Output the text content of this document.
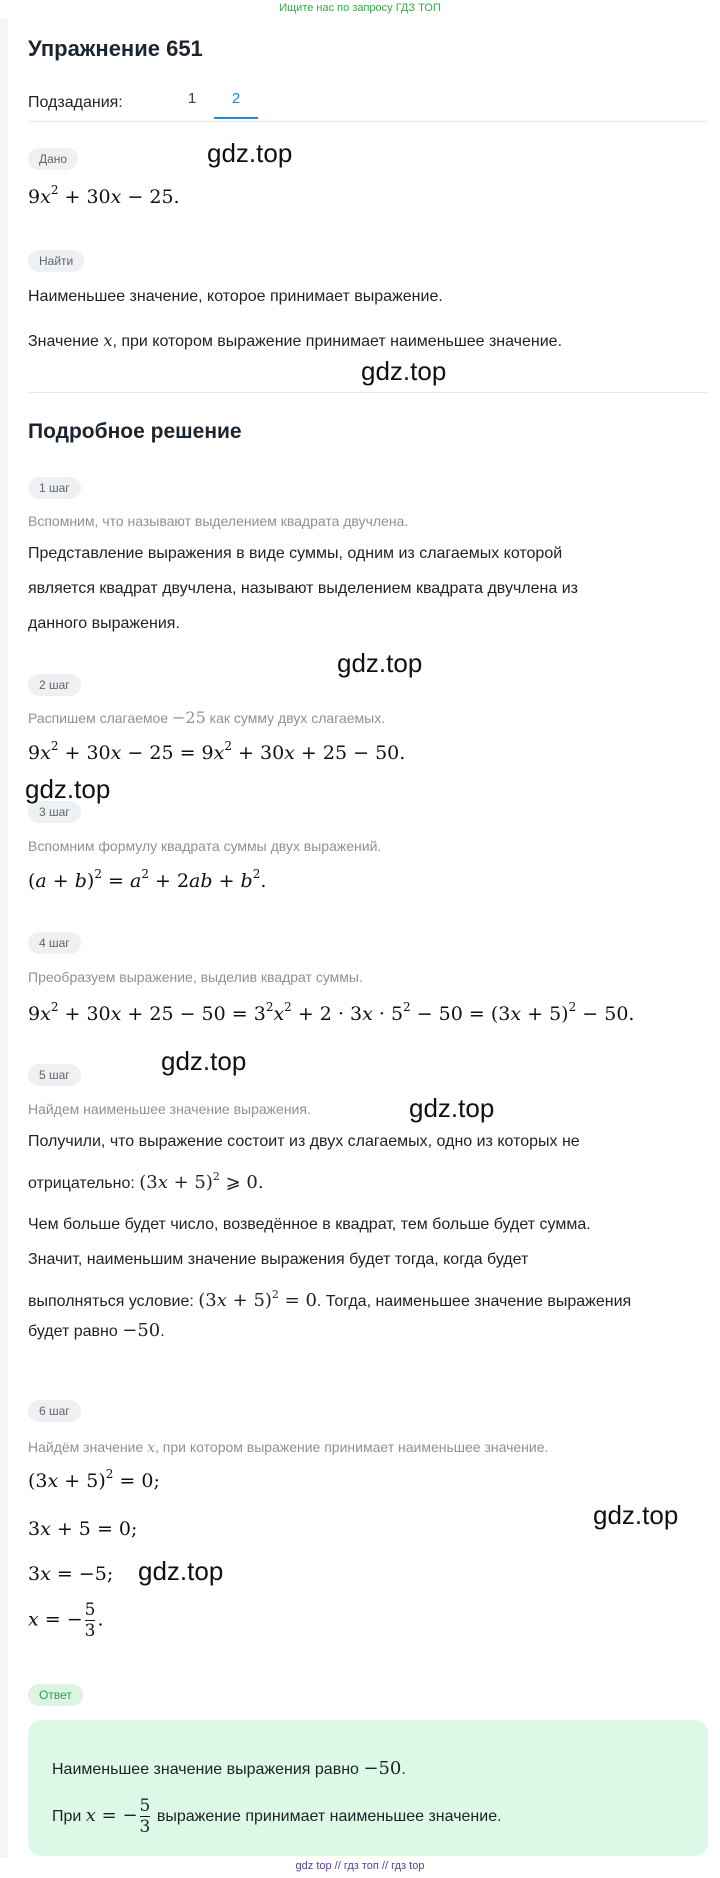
Ищите нас по запросу ГДЗ ТОП
Упражнение 651
Подзадания:	1	2
Дано
$9x^2 + 30x - 25$.
Найти
Наименьшее значение, которое принимает выражение.
Значение x, при котором выражение принимает наименьшее значение.
Подробное решение
1 шаг
Вспомним, что называют выделением квадрата двучлена.
Представление выражения в виде суммы, одним из слагаемых которой
является квадрат двучлена, называют выделением квадрата двучлена из
данного выражения.
2 шаг
Распишем слагаемое −25 как сумму двух слагаемых.
$9x^2 + 30x - 25 = 9x^2 + 30x + 25 - 50$.
3 шаг
Вспомним формулу квадрата суммы двух выражений.
$(a + b)^2 = a^2 + 2ab + b^2$.
4 шаг
Преобразуем выражение, выделив квадрат суммы.
$9x^2 + 30x + 25 - 50 = 3^2x^2 + 2 \cdot 3x \cdot 5^2 - 50 = (3x + 5)^2 - 50$.
5 шаг
Найдем наименьшее значение выражения.
Получили, что выражение состоит из двух слагаемых, одно из которых не
отрицательно: $(3x + 5)^2$ ⩾ 0.
Чем больше будет число, возведённое в квадрат, тем больше будет сумма.
Значит, наименьшим значение выражения будет тогда, когда будет
выполняться условие: $(3x + 5)^2 = 0$. Тогда, наименьшее значение выражения
будет равно −50.
6 шаг
Найдём значение x, при котором выражение принимает наименьшее значение.
$(3x + 5)^2 = 0$;
3x + 5 = 0;
3x = −5;
x = − $\frac{5}{3}$ .
Ответ
Наименьшее значение выражения равно −50.
При x = − $\frac{5}{3}$ выражение принимает наименьшее значение.
gdz.top
gdz.top
gdz.top
gdz.top
gdz.top
gdz.top
gdz.top
gdz.top
gdz top // гдз топ // гдз top
